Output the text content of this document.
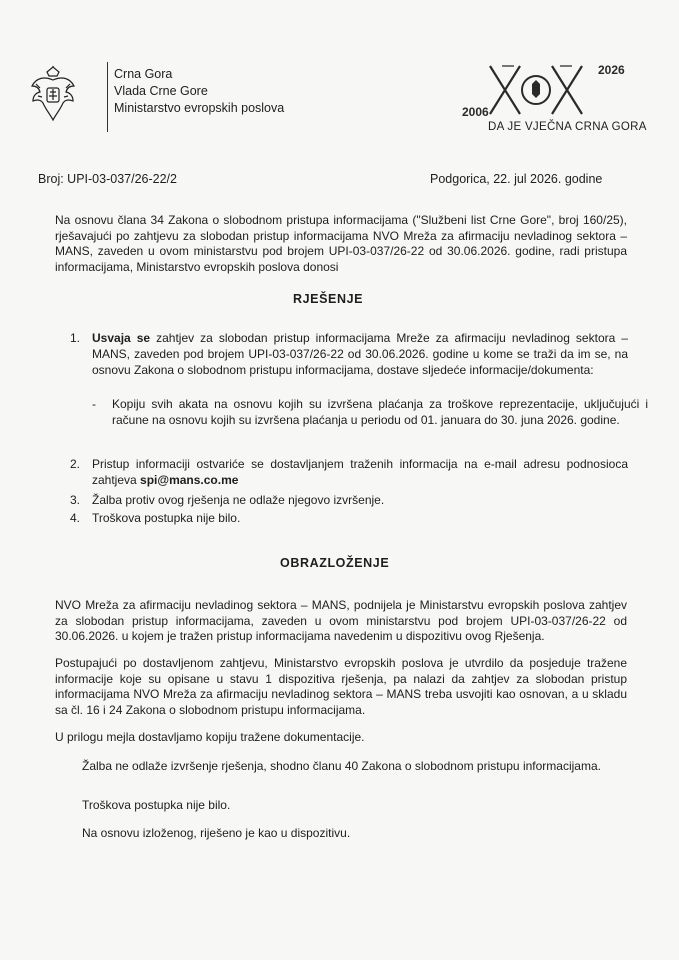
Crna Gora
Vlada Crne Gore
Ministarstvo evropskih poslova
2026
2006
DA JE VJEČNA CRNA GORA
Broj: UPI-03-037/26-22/2	Podgorica, 22. jul 2026. godine
Na osnovu člana 34 Zakona o slobodnom pristupa informacijama ("Službeni list Crne Gore", broj 160/25), rješavajući po zahtjevu za slobodan pristup informacijama NVO Mreža za afirmaciju nevladinog sektora – MANS, zaveden u ovom ministarstvu pod brojem UPI-03-037/26-22 od 30.06.2026. godine, radi pristupa informacijama, Ministarstvo evropskih poslova donosi
RJEŠENJE
1. Usvaja se zahtjev za slobodan pristup informacijama Mreže za afirmaciju nevladinog sektora – MANS, zaveden pod brojem UPI-03-037/26-22 od 30.06.2026. godine u kome se traži da im se, na osnovu Zakona o slobodnom pristupu informacijama, dostave sljedeće informacije/dokumenta:
- Kopiju svih akata na osnovu kojih su izvršena plaćanja za troškove reprezentacije, uključujući i račune na osnovu kojih su izvršena plaćanja u periodu od 01. januara do 30. juna 2026. godine.
2. Pristup informaciji ostvariće se dostavljanjem traženih informacija na e-mail adresu podnosioca zahtjeva spi@mans.co.me
3. Žalba protiv ovog rješenja ne odlaže njegovo izvršenje.
4. Troškova postupka nije bilo.
OBRAZLOŽENJE
NVO Mreža za afirmaciju nevladinog sektora – MANS, podnijela je Ministarstvu evropskih poslova zahtjev za slobodan pristup informacijama, zaveden u ovom ministarstvu pod brojem UPI-03-037/26-22 od 30.06.2026. u kojem je tražen pristup informacijama navedenim u dispozitivu ovog Rješenja.
Postupajući po dostavljenom zahtjevu, Ministarstvo evropskih poslova je utvrdilo da posjeduje tražene informacije koje su opisane u stavu 1 dispozitiva rješenja, pa nalazi da zahtjev za slobodan pristup informacijama NVO Mreža za afirmaciju nevladinog sektora – MANS treba usvojiti kao osnovan, a u skladu sa čl. 16 i 24 Zakona o slobodnom pristupu informacijama.
U prilogu mejla dostavljamo kopiju tražene dokumentacije.
Žalba ne odlaže izvršenje rješenja, shodno članu 40 Zakona o slobodnom pristupu informacijama.
Troškova postupka nije bilo.
Na osnovu izloženog, riješeno je kao u dispozitivu.
